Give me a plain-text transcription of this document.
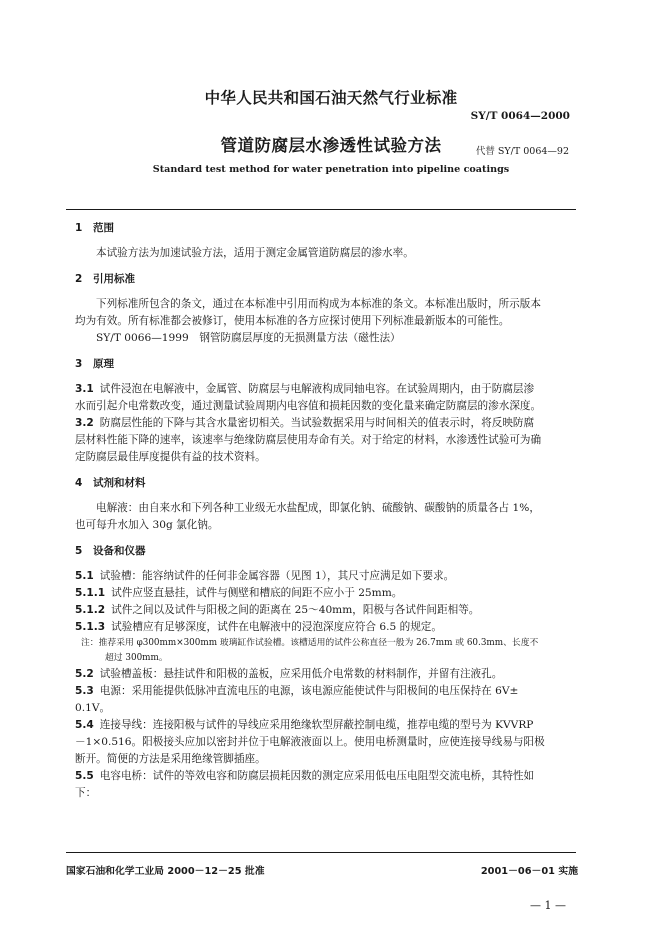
中华人民共和国石油天然气行业标准
SY/T 0064—2000
管道防腐层水渗透性试验方法	代替 SY/T 0064—92
Standard test method for water penetration into pipeline coatings
1 范围

本试验方法为加速试验方法，适用于测定金属管道防腐层的渗水率。

2 引用标准

下列标准所包含的条文，通过在本标准中引用而构成为本标准的条文。本标准出版时，所示版本

均为有效。所有标准都会被修订，使用本标准的各方应探讨使用下列标准最新版本的可能性。

SY/T 0066—1999　钢管防腐层厚度的无损测量方法（磁性法）

3 原理

3.1 试件浸泡在电解液中，金属管、防腐层与电解液构成同轴电容。在试验周期内，由于防腐层渗

水而引起介电常数改变，通过测量试验周期内电容值和损耗因数的变化量来确定防腐层的渗水深度。

3.2 防腐层性能的下降与其含水量密切相关。当试验数据采用与时间相关的值表示时，将反映防腐

层材料性能下降的速率，该速率与绝缘防腐层使用寿命有关。对于给定的材料，水渗透性试验可为确

定防腐层最佳厚度提供有益的技术资料。

4 试剂和材料

电解液：由自来水和下列各种工业级无水盐配成，即氯化钠、硫酸钠、碳酸钠的质量各占 1%，

也可每升水加入 30g 氯化钠。

5 设备和仪器

5.1 试验槽：能容纳试件的任何非金属容器（见图 1），其尺寸应满足如下要求。

5.1.1 试件应竖直悬挂，试件与侧壁和槽底的间距不应小于 25mm。

5.1.2 试件之间以及试件与阳极之间的距离在 25～40mm，阳极与各试件间距相等。

5.1.3 试验槽应有足够深度，试件在电解液中的浸泡深度应符合 6.5 的规定。

注：推荐采用 φ300mm×300mm 玻璃缸作试验槽。该槽适用的试件公称直径一般为 26.7mm 或 60.3mm、长度不
超过 300mm。

5.2 试验槽盖板：悬挂试件和阳极的盖板，应采用低介电常数的材料制作，并留有注液孔。

5.3 电源：采用能提供低脉冲直流电压的电源，该电源应能使试件与阳极间的电压保持在 6V±

0.1V。

5.4 连接导线：连接阳极与试件的导线应采用绝缘软型屏蔽控制电缆，推荐电缆的型号为 KVVRP

－1×0.516。阳极接头应加以密封并位于电解液液面以上。使用电桥测量时，应使连接导线易与阳极

断开。简便的方法是采用绝缘管脚插座。

5.5 电容电桥：试件的等效电容和防腐层损耗因数的测定应采用低电压电阻型交流电桥，其特性如

下：

国家石油和化学工业局 2000－12－25 批准	2001－06－01 实施
— 1 —
